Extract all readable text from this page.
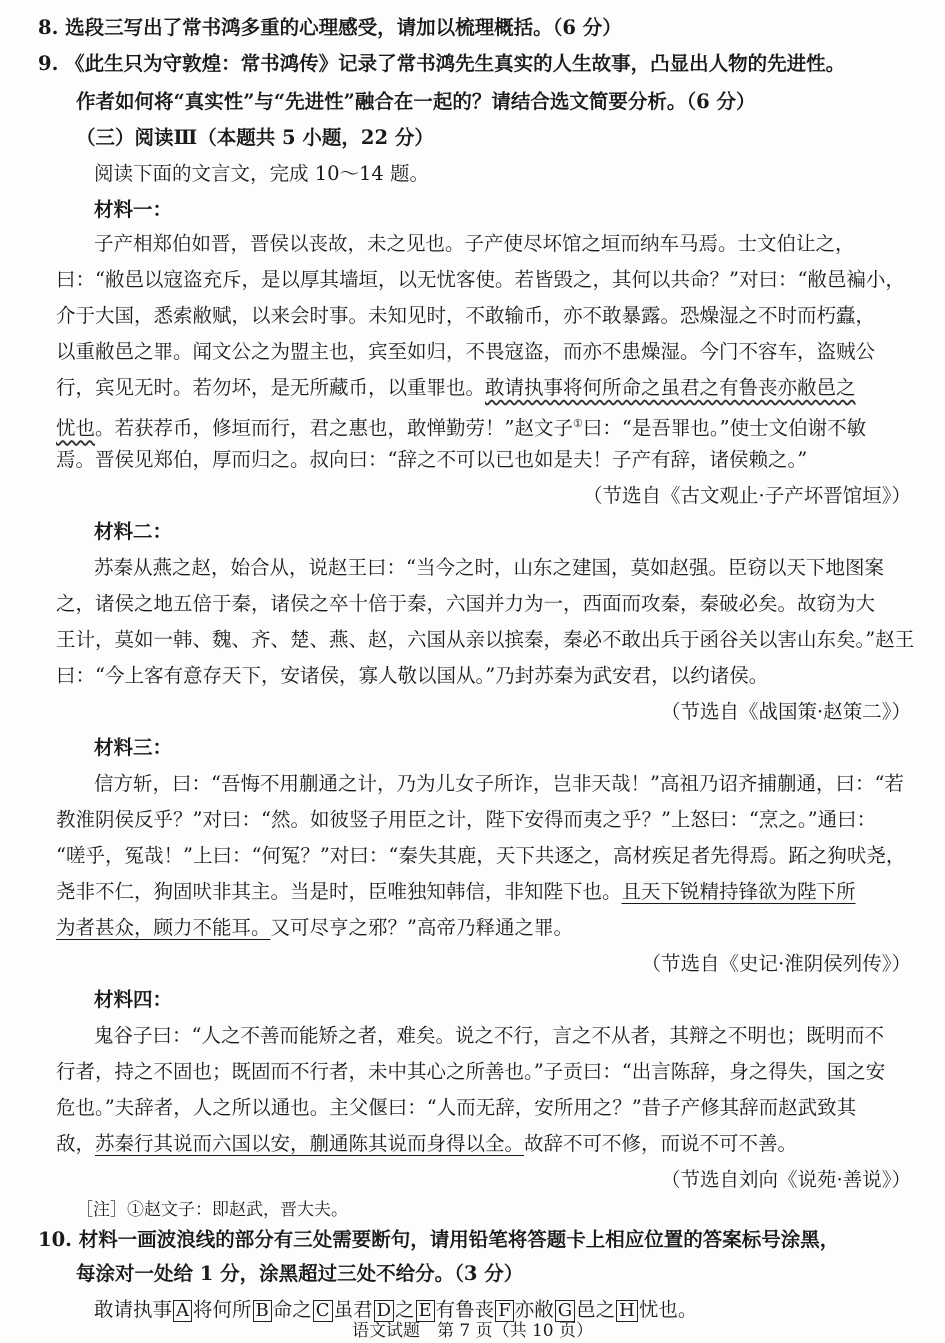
8. 选段三写出了常书鸿多重的心理感受，请加以梳理概括。（6 分）
9. 《此生只为守敦煌：常书鸿传》记录了常书鸿先生真实的人生故事，凸显出人物的先进性。
作者如何将“真实性”与“先进性”融合在一起的？请结合选文简要分析。（6 分）
（三）阅读Ⅲ（本题共 5 小题，22 分）
阅读下面的文言文，完成 10～14 题。
材料一：
子产相郑伯如晋，晋侯以丧故，未之见也。子产使尽坏馆之垣而纳车马焉。士文伯让之，
曰：“敝邑以寇盗充斥，是以厚其墙垣，以无忧客使。若皆毁之，其何以共命？”对曰：“敝邑褊小，
介于大国，悉索敝赋，以来会时事。未知见时，不敢输币，亦不敢暴露。恐燥湿之不时而朽蠹，
以重敝邑之罪。闻文公之为盟主也，宾至如归，不畏寇盗，而亦不患燥湿。今门不容车，盗贼公
行，宾见无时。若勿坏，是无所藏币，以重罪也。敢请执事将何所命之虽君之有鲁丧亦敝邑之
忧也。若获荐币，修垣而行，君之惠也，敢惮勤劳！”赵文子①曰：“是吾罪也。”使士文伯谢不敏
焉。晋侯见郑伯，厚而归之。叔向曰：“辞之不可以已也如是夫！子产有辞，诸侯赖之。”
（节选自《古文观止·子产坏晋馆垣》）
材料二：
苏秦从燕之赵，始合从，说赵王曰：“当今之时，山东之建国，莫如赵强。臣窃以天下地图案
之，诸侯之地五倍于秦，诸侯之卒十倍于秦，六国并力为一，西面而攻秦，秦破必矣。故窃为大
王计，莫如一韩、魏、齐、楚、燕、赵，六国从亲以摈秦，秦必不敢出兵于函谷关以害山东矣。”赵王
曰：“今上客有意存天下，安诸侯，寡人敬以国从。”乃封苏秦为武安君，以约诸侯。
（节选自《战国策·赵策二》）
材料三：
信方斩，曰：“吾悔不用蒯通之计，乃为儿女子所诈，岂非天哉！”高祖乃诏齐捕蒯通，曰：“若
教淮阴侯反乎？”对曰：“然。如彼竖子用臣之计，陛下安得而夷之乎？”上怒曰：“烹之。”通曰：
“嗟乎，冤哉！”上曰：“何冤？”对曰：“秦失其鹿，天下共逐之，高材疾足者先得焉。跖之狗吠尧，
尧非不仁，狗固吠非其主。当是时，臣唯独知韩信，非知陛下也。且天下锐精持锋欲为陛下所
为者甚众，顾力不能耳。又可尽亨之邪？”高帝乃释通之罪。
（节选自《史记·淮阴侯列传》）
材料四：
鬼谷子曰：“人之不善而能矫之者，难矣。说之不行，言之不从者，其辩之不明也；既明而不
行者，持之不固也；既固而不行者，未中其心之所善也。”子贡曰：“出言陈辞，身之得失，国之安
危也。”夫辞者，人之所以通也。主父偃曰：“人而无辞，安所用之？”昔子产修其辞而赵武致其
敌，苏秦行其说而六国以安，蒯通陈其说而身得以全。故辞不可不修，而说不可不善。
（节选自刘向《说苑·善说》）
［注］①赵文子：即赵武，晋大夫。
10. 材料一画波浪线的部分有三处需要断句，请用铅笔将答题卡上相应位置的答案标号涂黑，
每涂对一处给 1 分，涂黑超过三处不给分。（3 分）
敢请执事 A 将何所 B 命之 C 虽君 D 之 E 有鲁丧 F 亦敝 G 邑之 H 忧也。
语文试题　第 7 页（共 10 页）
